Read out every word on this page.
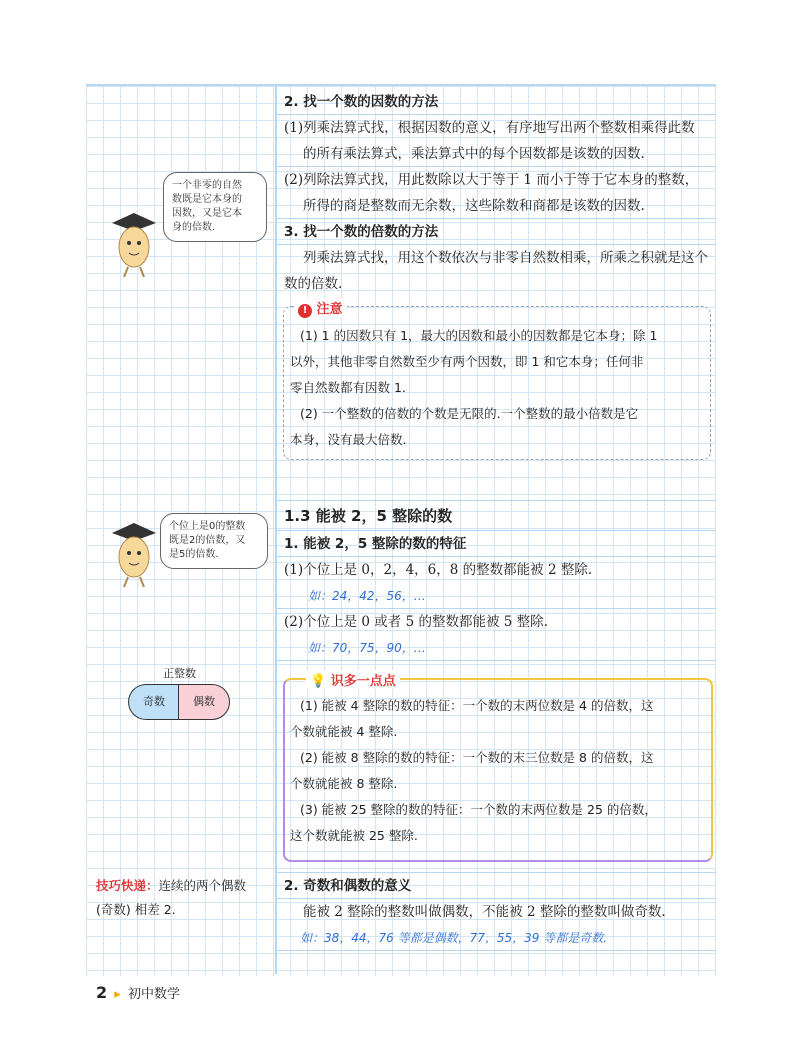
2. 找一个数的因数的方法
(1)列乘法算式找，根据因数的意义，有序地写出两个整数相乘得此数
的所有乘法算式，乘法算式中的每个因数都是该数的因数.
(2)列除法算式找，用此数除以大于等于 1 而小于等于它本身的整数，
所得的商是整数而无余数，这些除数和商都是该数的因数.
3. 找一个数的倍数的方法
列乘法算式找，用这个数依次与非零自然数相乘，所乘之积就是这个
数的倍数.
! 注意
(1) 1 的因数只有 1，最大的因数和最小的因数都是它本身；除 1
以外，其他非零自然数至少有两个因数，即 1 和它本身；任何非
零自然数都有因数 1.
(2) 一个整数的倍数的个数是无限的.一个整数的最小倍数是它
本身，没有最大倍数.
一个非零的自然
数既是它本身的
因数，又是它本
身的倍数.
1.3 能被 2，5 整除的数
1. 能被 2，5 整除的数的特征
(1)个位上是 0，2，4，6，8 的整数都能被 2 整除.
如：24，42，56，…
(2)个位上是 0 或者 5 的整数都能被 5 整除.
如：70，75，90，…
个位上是0的整数
既是2的倍数，又
是5的倍数.
正整数
奇数	偶数
💡 识多一点点
(1) 能被 4 整除的数的特征：一个数的末两位数是 4 的倍数，这
个数就能被 4 整除.
(2) 能被 8 整除的数的特征：一个数的末三位数是 8 的倍数，这
个数就能被 8 整除.
(3) 能被 25 整除的数的特征：一个数的末两位数是 25 的倍数，
这个数就能被 25 整除.
技巧快递：连续的两个偶数
(奇数) 相差 2.
2. 奇数和偶数的意义
能被 2 整除的整数叫做偶数，不能被 2 整除的整数叫做奇数.
如：38，44，76 等都是偶数，77，55，39 等都是奇数.
2 ▸ 初中数学
